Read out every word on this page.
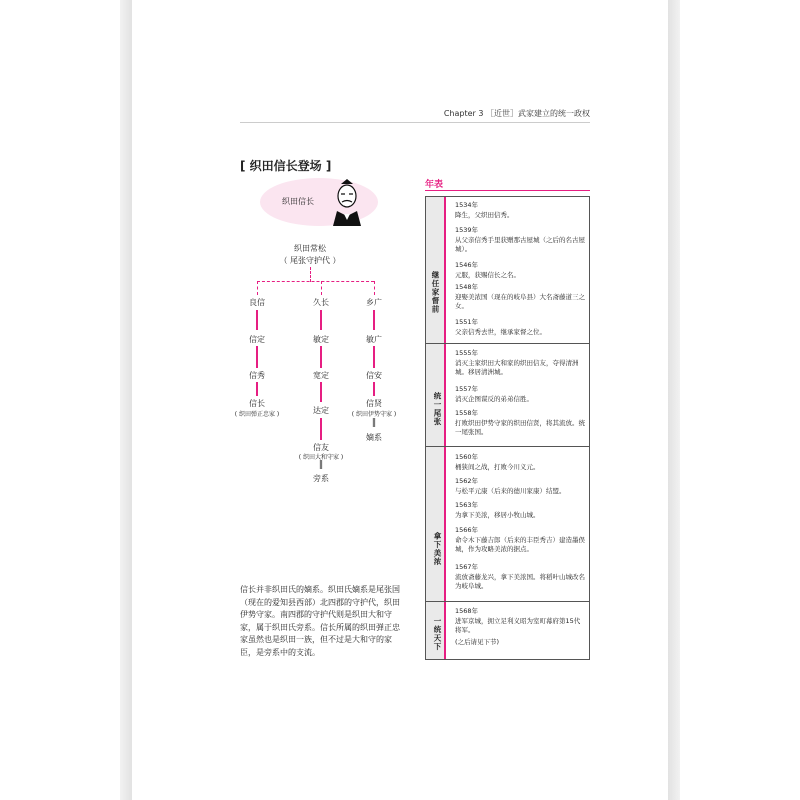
Chapter 3 ［近世］武家建立的统一政权
[ 织田信长登场 ]
织田信长
织田常松
（ 尾张守护代 ）
良信
信定
信秀
信长
( 织田弹正忠家 )
久长
敏定
宽定
达定
信友
( 织田大和守家 )
‖
旁系
乡广
敏广
信安
信贤
( 织田伊势守家 )
‖
嫡系
信长并非织田氏的嫡系。织田氏嫡系是尾张国（现在的爱知县西部）北四郡的守护代，织田伊势守家。南四郡的守护代则是织田大和守家，属于织田氏旁系。信长所属的织田弹正忠家虽然也是织田一族，但不过是大和守的家臣，是旁系中的支流。
年表
继任家督前
1534年
降生，父织田信秀。
1539年
从父亲信秀手里获赠那古屋城（之后的名古屋城）。
1546年
元服，获赐信长之名。
1548年
迎娶美浓国（现在的岐阜县）大名斋藤道三之女。
1551年
父亲信秀去世，继承家督之位。
统一尾张
1555年
消灭主家织田大和家的织田信友，夺得清洲城。移居清洲城。
1557年
消灭企图谋反的弟弟信胜。
1558年
打败织田伊势守家的织田信贤，将其流放。统一尾张国。
拿下美浓
1560年
桶狭间之战，打败今川义元。
1562年
与松平元康（后来的德川家康）结盟。
1563年
为拿下美浓，移居小牧山城。
1566年
命令木下藤吉郎（后来的丰臣秀吉）建造墨俣城，作为攻略美浓的据点。
1567年
流放斋藤龙兴，拿下美浓国。将稻叶山城改名为岐阜城。
一统天下
1568年
进军京城，拥立足利义昭为室町幕府第15代将军。
(之后请见下节)
